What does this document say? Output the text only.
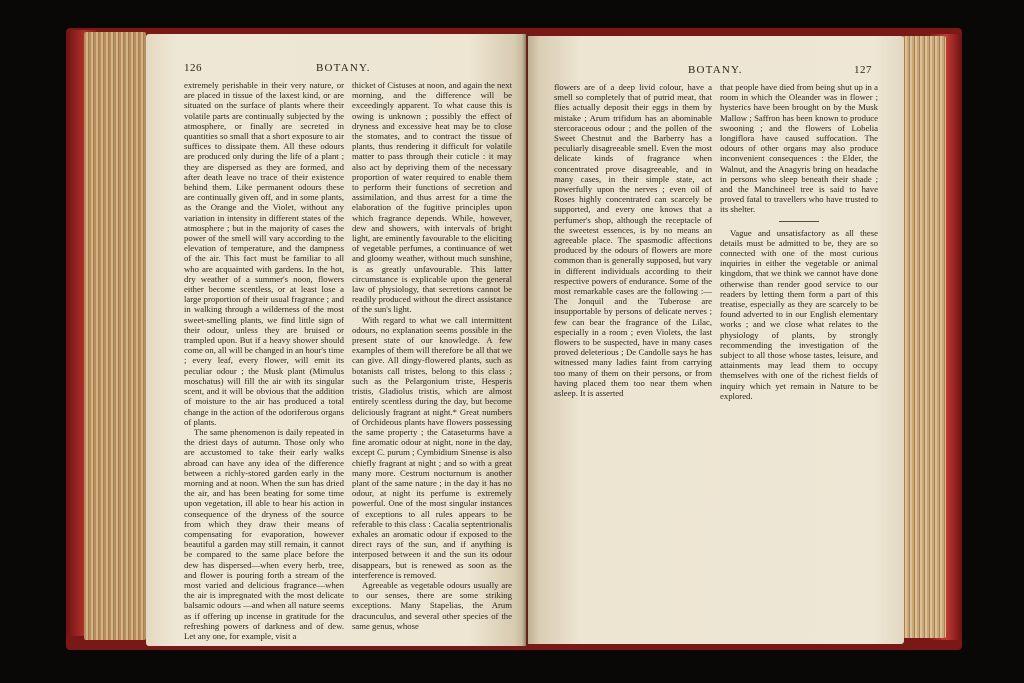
126	BOTANY.

extremely perishable in their very nature, or are placed in tissue of the laxest kind, or are situated on the surface of plants where their volatile parts are continually subjected by the atmosphere, or finally are secreted in quantities so small that a short exposure to air suffices to dissipate them. All these odours are produced only during the life of a plant ; they are dispersed as they are formed, and after death leave no trace of their existence behind them. Like permanent odours these are continually given off, and in some plants, as the Orange and the Violet, without any variation in intensity in different states of the atmosphere ; but in the majority of cases the power of the smell will vary according to the elevation of temperature, and the dampness of the air. This fact must be familiar to all who are acquainted with gardens. In the hot, dry weather of a summer's noon, flowers either become scentless, or at least lose a large proportion of their usual fragrance ; and in walking through a wilderness of the most sweet-smelling plants, we find little sign of their odour, unless they are bruised or trampled upon. But if a heavy shower should come on, all will be changed in an hour's time ; every leaf, every flower, will emit its peculiar odour ; the Musk plant (Mimulus moschatus) will fill the air with its singular scent, and it will be obvious that the addition of moisture to the air has produced a total change in the action of the odoriferous organs of plants.

The same phenomenon is daily repeated in the driest days of autumn. Those only who are accustomed to take their early walks abroad can have any idea of the difference between a richly-stored garden early in the morning and at noon. When the sun has dried the air, and has been beating for some time upon vegetation, ill able to bear his action in consequence of the dryness of the source from which they draw their means of compensating for evaporation, however beautiful a garden may still remain, it cannot be compared to the same place before the dew has dispersed—when every herb, tree, and flower is pouring forth a stream of the most varied and delicious fragrance—when the air is impregnated with the most delicate balsamic odours —and when all nature seems as if offering up incense in gratitude for the refreshing powers of darkness and of dew. Let any one, for example, visit a

thicket of Cistuses at noon, and again the next morning, and the difference will be exceedingly apparent. To what cause this is owing is unknown ; possibly the effect of dryness and excessive heat may be to close the stomates, and to contract the tissue of plants, thus rendering it difficult for volatile matter to pass through their cuticle : it may also act by depriving them of the necessary proportion of water required to enable them to perform their functions of secretion and assimilation, and thus arrest for a time the elaboration of the fugitive principles upon which fragrance depends. While, however, dew and showers, with intervals of bright light, are eminently favourable to the eliciting of vegetable perfumes, a continuance of wet and gloomy weather, without much sunshine, is as greatly unfavourable. This latter circumstance is explicable upon the general law of physiology, that secretions cannot be readily produced without the direct assistance of the sun's light.

With regard to what we call intermittent odours, no explanation seems possible in the present state of our knowledge. A few examples of them will therefore be all that we can give. All dingy-flowered plants, such as botanists call tristes, belong to this class ; such as the Pelargonium triste, Hesperis tristis, Gladiolus tristis, which are almost entirely scentless during the day, but become deliciously fragrant at night.* Great numbers of Orchideous plants have flowers possessing the same property ; the Cataseturms have a fine aromatic odour at night, none in the day, except C. purum ; Cymbidium Sinense is also chiefly fragrant at night ; and so with a great many more. Cestrum nocturnum is another plant of the same nature ; in the day it has no odour, at night its perfume is extremely powerful. One of the most singular instances of exceptions to all rules appears to be referable to this class : Cacalia septentrionalis exhales an aromatic odour if exposed to the direct rays of the sun, and if anything is interposed between it and the sun its odour disappears, but is renewed as soon as the interference is removed.

Agreeable as vegetable odours usually are to our senses, there are some striking exceptions. Many Stapelias, the Arum dracunculus, and several other species of the same genus, whose

BOTANY.	127

flowers are of a deep livid colour, have a smell so completely that of putrid meat, that flies actually deposit their eggs in them by mistake ; Arum trifidum has an abominable stercoraceous odour ; and the pollen of the Sweet Chestnut and the Barberry has a peculiarly disagreeable smell. Even the most delicate kinds of fragrance when concentrated prove disagreeable, and in many cases, in their simple state, act powerfully upon the nerves ; even oil of Roses highly concentrated can scarcely be supported, and every one knows that a perfumer's shop, although the receptacle of the sweetest essences, is by no means an agreeable place. The spasmodic affections produced by the odours of flowers are more common than is generally supposed, but vary in different individuals according to their respective powers of endurance. Some of the most remarkable cases are the following :—The Jonquil and the Tuberose are insupportable by persons of delicate nerves ; few can bear the fragrance of the Lilac, especially in a room ; even Violets, the last flowers to be suspected, have in many cases proved deleterious ; De Candolle says he has witnessed many ladies faint from carrying too many of them on their persons, or from having placed them too near them when asleep. It is asserted

that people have died from being shut up in a room in which the Oleander was in flower ; hysterics have been brought on by the Musk Mallow ; Saffron has been known to produce swooning ; and the flowers of Lobelia longiflora have caused suffocation. The odours of other organs may also produce inconvenient consequences : the Elder, the Walnut, and the Anagyris bring on headache in persons who sleep beneath their shade ; and the Manchineel tree is said to have proved fatal to travellers who have trusted to its shelter.

Vague and unsatisfactory as all these details must be admitted to be, they are so connected with one of the most curious inquiries in either the vegetable or animal kingdom, that we think we cannot have done otherwise than render good service to our readers by letting them form a part of this treatise, especially as they are scarcely to be found adverted to in our English elementary works ; and we close what relates to the physiology of plants, by strongly recommending the investigation of the subject to all those whose tastes, leisure, and attainments may lead them to occupy themselves with one of the richest fields of inquiry which yet remain in Nature to be explored.
